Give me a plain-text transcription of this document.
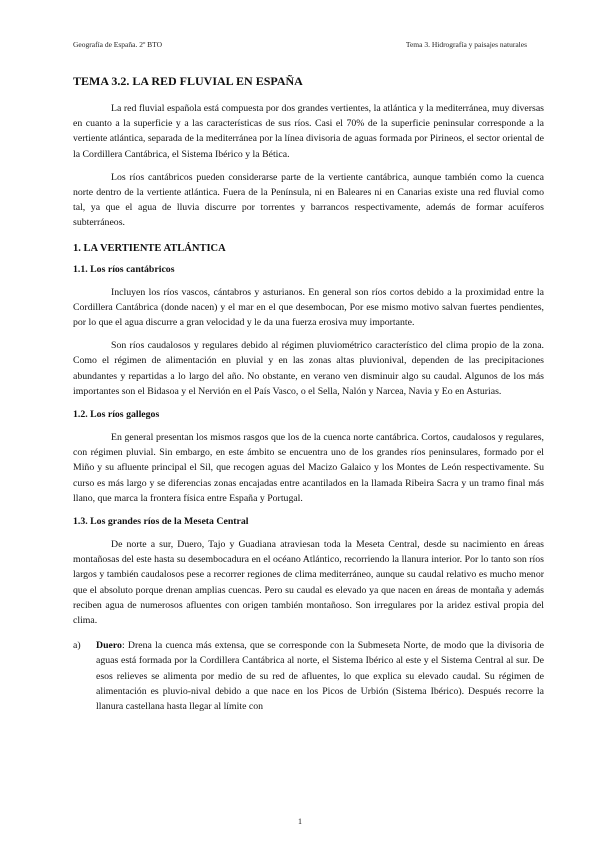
Geografía de España. 2º BTO	Tema 3. Hidrografía y paisajes naturales
TEMA 3.2. LA RED FLUVIAL EN ESPAÑA

La red fluvial española está compuesta por dos grandes vertientes, la atlántica y la mediterránea, muy diversas en cuanto a la superficie y a las características de sus ríos. Casi el 70% de la superficie peninsular corresponde a la vertiente atlántica, separada de la mediterránea por la línea divisoria de aguas formada por Pirineos, el sector oriental de la Cordillera Cantábrica, el Sistema Ibérico y la Bética.

Los ríos cantábricos pueden considerarse parte de la vertiente cantábrica, aunque también como la cuenca norte dentro de la vertiente atlántica. Fuera de la Península, ni en Baleares ni en Canarias existe una red fluvial como tal, ya que el agua de lluvia discurre por torrentes y barrancos respectivamente, además de formar acuíferos subterráneos.

1. LA VERTIENTE ATLÁNTICA
1.1. Los ríos cantábricos

Incluyen los ríos vascos, cántabros y asturianos. En general son ríos cortos debido a la proximidad entre la Cordillera Cantábrica (donde nacen) y el mar en el que desembocan, Por ese mismo motivo salvan fuertes pendientes, por lo que el agua discurre a gran velocidad y le da una fuerza erosiva muy importante.

Son ríos caudalosos y regulares debido al régimen pluviométrico característico del clima propio de la zona. Como el régimen de alimentación en pluvial y en las zonas altas pluvionival, dependen de las precipitaciones abundantes y repartidas a lo largo del año. No obstante, en verano ven disminuir algo su caudal. Algunos de los más importantes son el Bidasoa y el Nervión en el País Vasco, o el Sella, Nalón y Narcea, Navia y Eo en Asturias.

1.2. Los ríos gallegos

En general presentan los mismos rasgos que los de la cuenca norte cantábrica. Cortos, caudalosos y regulares, con régimen pluvial. Sin embargo, en este ámbito se encuentra uno de los grandes ríos peninsulares, formado por el Miño y su afluente principal el Sil, que recogen aguas del Macizo Galaico y los Montes de León respectivamente. Su curso es más largo y se diferencias zonas encajadas entre acantilados en la llamada Ribeira Sacra y un tramo final más llano, que marca la frontera física entre España y Portugal.

1.3. Los grandes ríos de la Meseta Central

De norte a sur, Duero, Tajo y Guadiana atraviesan toda la Meseta Central, desde su nacimiento en áreas montañosas del este hasta su desembocadura en el océano Atlántico, recorriendo la llanura interior. Por lo tanto son ríos largos y también caudalosos pese a recorrer regiones de clima mediterráneo, aunque su caudal relativo es mucho menor que el absoluto porque drenan amplias cuencas. Pero su caudal es elevado ya que nacen en áreas de montaña y además reciben agua de numerosos afluentes con origen también montañoso. Son irregulares por la aridez estival propia del clima.

a) Duero: Drena la cuenca más extensa, que se corresponde con la Submeseta Norte, de modo que la divisoria de aguas está formada por la Cordillera Cantábrica al norte, el Sistema Ibérico al este y el Sistema Central al sur. De esos relieves se alimenta por medio de su red de afluentes, lo que explica su elevado caudal. Su régimen de alimentación es pluvio-nival debido a que nace en los Picos de Urbión (Sistema Ibérico). Después recorre la llanura castellana hasta llegar al límite con

1
